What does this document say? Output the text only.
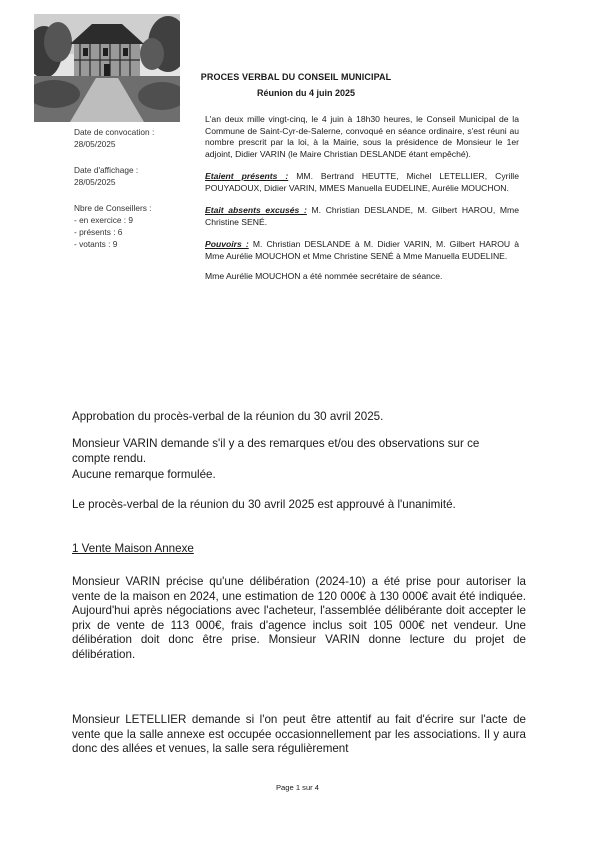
PROCES VERBAL DU CONSEIL MUNICIPAL
Réunion du 4 juin 2025
Date de convocation :
28/05/2025
Date d'affichage :
28/05/2025
Nbre de Conseillers :
- en exercice : 9
- présents : 6
- votants : 9

L'an deux mille vingt-cinq, le 4 juin à 18h30 heures, le Conseil Municipal de la Commune de Saint-Cyr-de-Salerne, convoqué en séance ordinaire, s'est réuni au nombre prescrit par la loi, à la Mairie, sous la présidence de Monsieur le 1er adjoint, Didier VARIN (le Maire Christian DESLANDE étant empêché).

Etaient présents : MM. Bertrand HEUTTE, Michel LETELLIER, Cyrille POUYADOUX, Didier VARIN, MMES Manuella EUDELINE, Aurélie MOUCHON.

Etait absents excusés : M. Christian DESLANDE, M. Gilbert HAROU, Mme Christine SENÉ.

Pouvoirs : M. Christian DESLANDE à M. Didier VARIN, M. Gilbert HAROU à Mme Aurélie MOUCHON et Mme Christine SENÉ à Mme Manuella EUDELINE.

Mme Aurélie MOUCHON a été nommée secrétaire de séance.

Approbation du procès-verbal de la réunion du 30 avril 2025.
Monsieur VARIN demande s'il y a des remarques et/ou des observations sur ce compte rendu.
Aucune remarque formulée.
Le procès-verbal de la réunion du 30 avril 2025 est approuvé à l'unanimité.
1 Vente Maison Annexe
Monsieur VARIN précise qu'une délibération (2024-10) a été prise pour autoriser la vente de la maison en 2024, une estimation de 120 000€ à 130 000€ avait été indiquée. Aujourd'hui après négociations avec l'acheteur, l'assemblée délibérante doit accepter le prix de vente de 113 000€, frais d'agence inclus soit 105 000€ net vendeur. Une délibération doit donc être prise. Monsieur VARIN donne lecture du projet de délibération.
Monsieur LETELLIER demande si l'on peut être attentif au fait d'écrire sur l'acte de vente que la salle annexe est occupée occasionnellement par les associations. Il y aura donc des allées et venues, la salle sera régulièrement
Page 1 sur 4
